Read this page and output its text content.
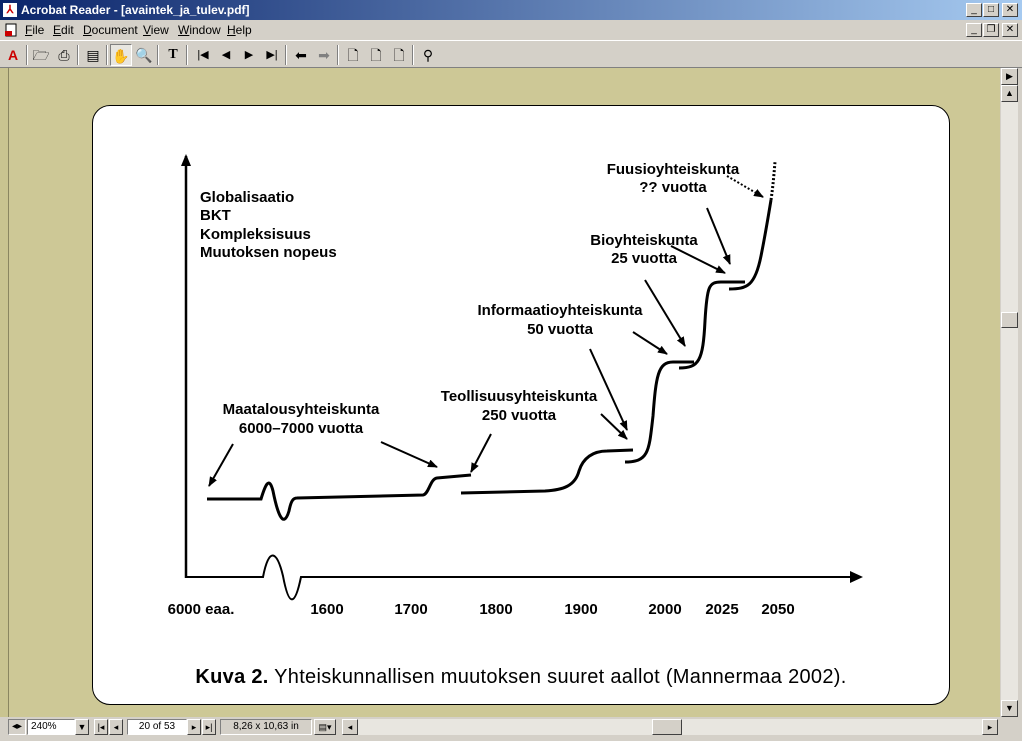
⅄ Acrobat Reader - [avaintek_ja_tulev.pdf]	_	□	✕
File Edit Document View Window Help	_ ❐	✕
A	🗁 ⎙	▤ ✋ 🔍	T	|◀	◀	▶	▶|	⬅ ➡	🗋 🗋 🗋	⚲
Globalisaatio
BKT
Kompleksisuus
Muutoksen nopeus
Maatalousyhteiskunta
6000–7000 vuotta
Teollisuusyhteiskunta
250 vuotta
Informaatioyhteiskunta
50 vuotta
Bioyhteiskunta
25 vuotta
Fuusioyhteiskunta
?? vuotta
6000 eaa.	1600	1700	1800	1900	2000 2025 2050
Kuva 2. Yhteiskunnallisen muutoksen suuret aallot (Mannermaa 2002).
▶
▲
▼
◂▸ 240%	▼	|◂	◂	20 of 53	▸	▸|	8,26 x 10,63 in	▤▾	◂	▸
